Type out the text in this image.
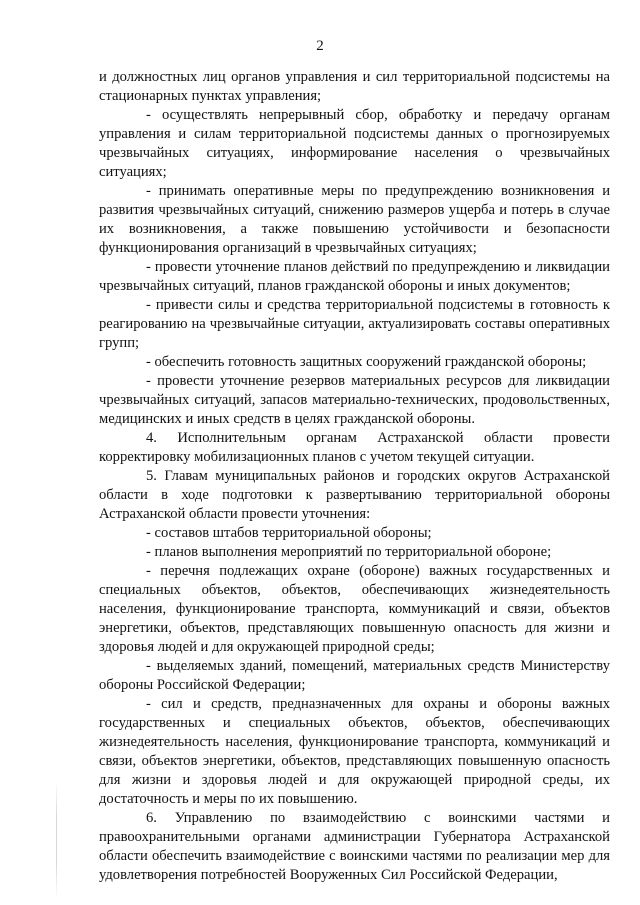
2

и должностных лиц органов управления и сил территориальной подсистемы на стационарных пунктах управления;

- осуществлять непрерывный сбор, обработку и передачу органам управления и силам территориальной подсистемы данных о прогнозируемых чрезвычайных ситуациях, информирование населения о чрезвычайных ситуациях;

- принимать оперативные меры по предупреждению возникновения и развития чрезвычайных ситуаций, снижению размеров ущерба и потерь в случае их возникновения, а также повышению устойчивости и безопасности функционирования организаций в чрезвычайных ситуациях;

- провести уточнение планов действий по предупреждению и ликвидации чрезвычайных ситуаций, планов гражданской обороны и иных документов;

- привести силы и средства территориальной подсистемы в готовность к реагированию на чрезвычайные ситуации, актуализировать составы оперативных групп;

- обеспечить готовность защитных сооружений гражданской обороны;

- провести уточнение резервов материальных ресурсов для ликвидации чрезвычайных ситуаций, запасов материально-технических, продовольственных, медицинских и иных средств в целях гражданской обороны.

4. Исполнительным органам Астраханской области провести корректировку мобилизационных планов с учетом текущей ситуации.

5. Главам муниципальных районов и городских округов Астраханской области в ходе подготовки к развертыванию территориальной обороны Астраханской области провести уточнения:

- составов штабов территориальной обороны;

- планов выполнения мероприятий по территориальной обороне;

- перечня подлежащих охране (обороне) важных государственных и специальных объектов, объектов, обеспечивающих жизнедеятельность населения, функционирование транспорта, коммуникаций и связи, объектов энергетики, объектов, представляющих повышенную опасность для жизни и здоровья людей и для окружающей природной среды;

- выделяемых зданий, помещений, материальных средств Министерству обороны Российской Федерации;

- сил и средств, предназначенных для охраны и обороны важных государственных и специальных объектов, объектов, обеспечивающих жизнедеятельность населения, функционирование транспорта, коммуникаций и связи, объектов энергетики, объектов, представляющих повышенную опасность для жизни и здоровья людей и для окружающей природной среды, их достаточность и меры по их повышению.

6. Управлению по взаимодействию с воинскими частями и правоохранительными органами администрации Губернатора Астраханской области обеспечить взаимодействие с воинскими частями по реализации мер для удовлетворения потребностей Вооруженных Сил Российской Федерации,
